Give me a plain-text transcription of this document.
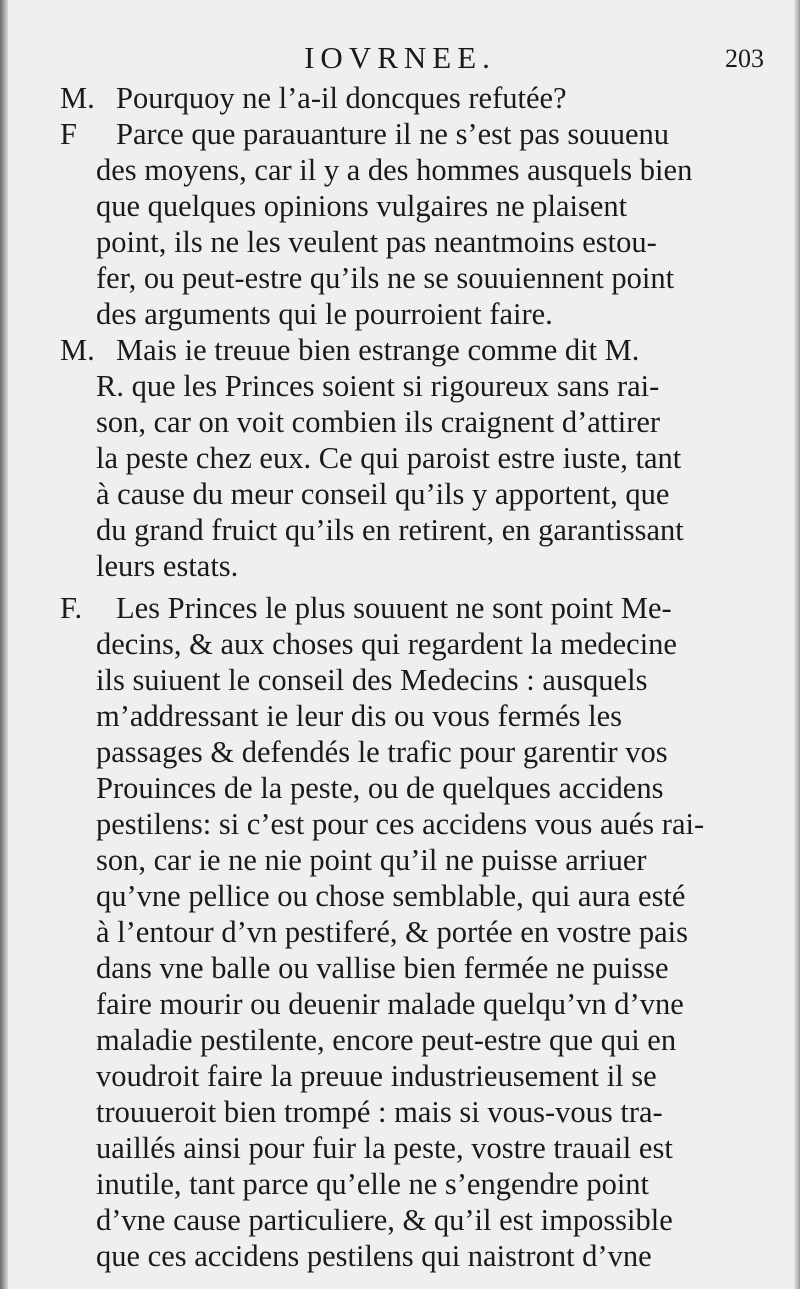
IOVRNEE.	203
M. Pourquoy ne l’a-il doncques refutée?
F Parce que parauanture il ne s’est pas souuenu
des moyens, car il y a des hommes ausquels bien
que quelques opinions vulgaires ne plaisent
point, ils ne les veulent pas neantmoins estou-
fer, ou peut-estre qu’ils ne se souuiennent point
des arguments qui le pourroient faire.
M. Mais ie treuue bien estrange comme dit M.
R. que les Princes soient si rigoureux sans rai-
son, car on voit combien ils craignent d’attirer
la peste chez eux. Ce qui paroist estre iuste, tant
à cause du meur conseil qu’ils y apportent, que
du grand fruict qu’ils en retirent, en garantissant
leurs estats.
F. Les Princes le plus souuent ne sont point Me-
decins, & aux choses qui regardent la medecine
ils suiuent le conseil des Medecins : ausquels
m’addressant ie leur dis ou vous fermés les
passages & defendés le trafic pour garentir vos
Prouinces de la peste, ou de quelques accidens
pestilens: si c’est pour ces accidens vous aués rai-
son, car ie ne nie point qu’il ne puisse arriuer
qu’vne pellice ou chose semblable, qui aura esté
à l’entour d’vn pestiferé, & portée en vostre pais
dans vne balle ou vallise bien fermée ne puisse
faire mourir ou deuenir malade quelqu’vn d’vne
maladie pestilente, encore peut-estre que qui en
voudroit faire la preuue industrieusement il se
trouueroit bien trompé : mais si vous-vous tra-
uaillés ainsi pour fuir la peste, vostre trauail est
inutile, tant parce qu’elle ne s’engendre point
d’vne cause particuliere, & qu’il est impossible
que ces accidens pestilens qui naistront d’vne
